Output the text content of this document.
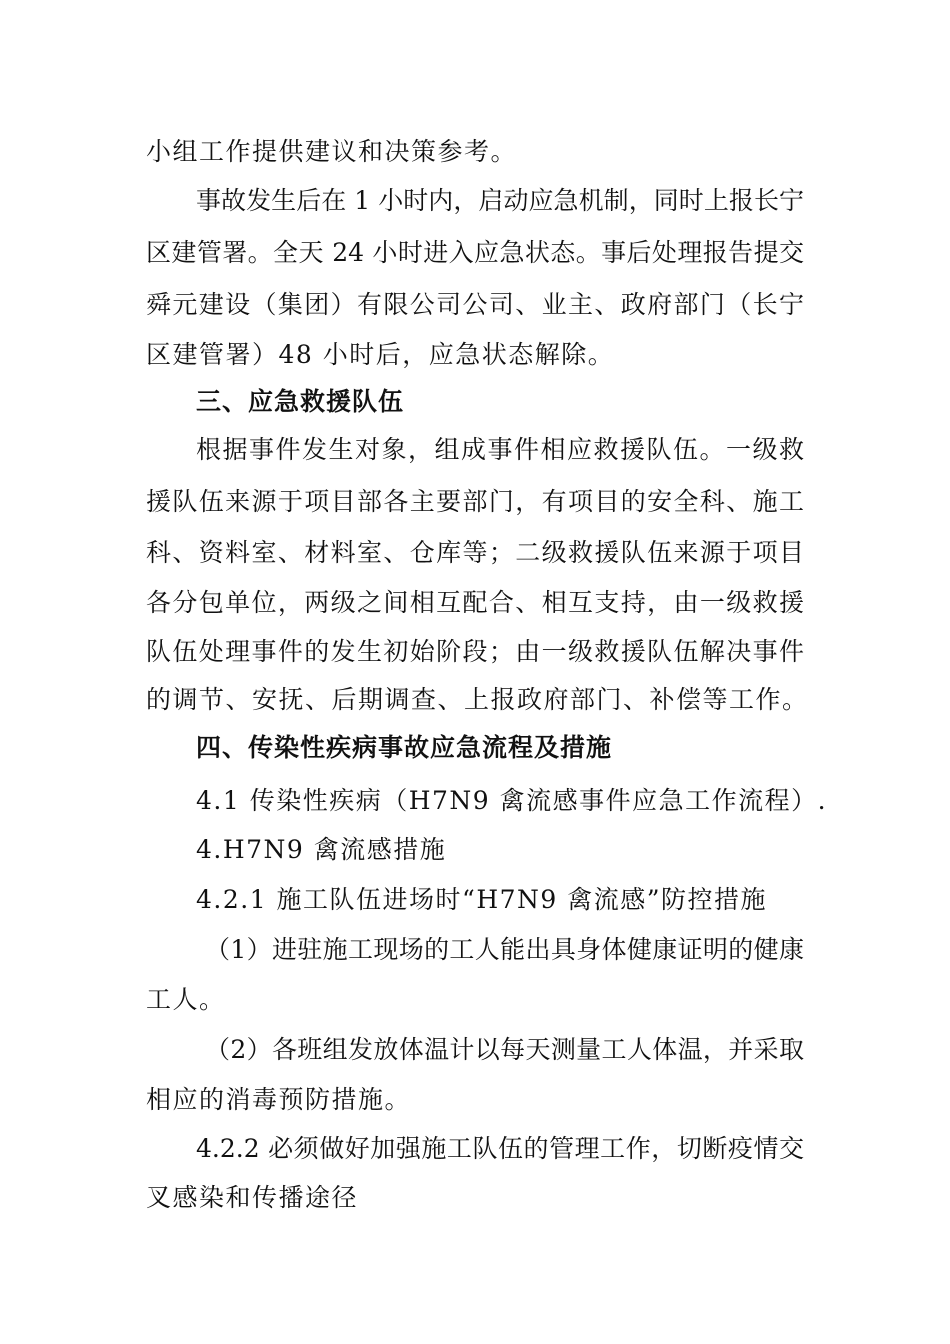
小组工作提供建议和决策参考。
事故发生后在 1 小时内，启动应急机制，同时上报长宁
区建管署。全天 24 小时进入应急状态。事后处理报告提交
舜元建设（集团）有限公司公司、业主、政府部门（长宁
区建管署）48 小时后，应急状态解除。
三、应急救援队伍
根据事件发生对象，组成事件相应救援队伍。一级救
援队伍来源于项目部各主要部门，有项目的安全科、施工
科、资料室、材料室、仓库等；二级救援队伍来源于项目
各分包单位，两级之间相互配合、相互支持，由一级救援
队伍处理事件的发生初始阶段；由一级救援队伍解决事件
的调节、安抚、后期调查、上报政府部门、补偿等工作。
四、传染性疾病事故应急流程及措施
4.1 传染性疾病（H7N9 禽流感事件应急工作流程）.
4.H7N9 禽流感措施
4.2.1 施工队伍进场时“H7N9 禽流感”防控措施
（1）进驻施工现场的工人能出具身体健康证明的健康
工人。
（2）各班组发放体温计以每天测量工人体温，并采取
相应的消毒预防措施。
4.2.2 必须做好加强施工队伍的管理工作，切断疫情交
叉感染和传播途径
